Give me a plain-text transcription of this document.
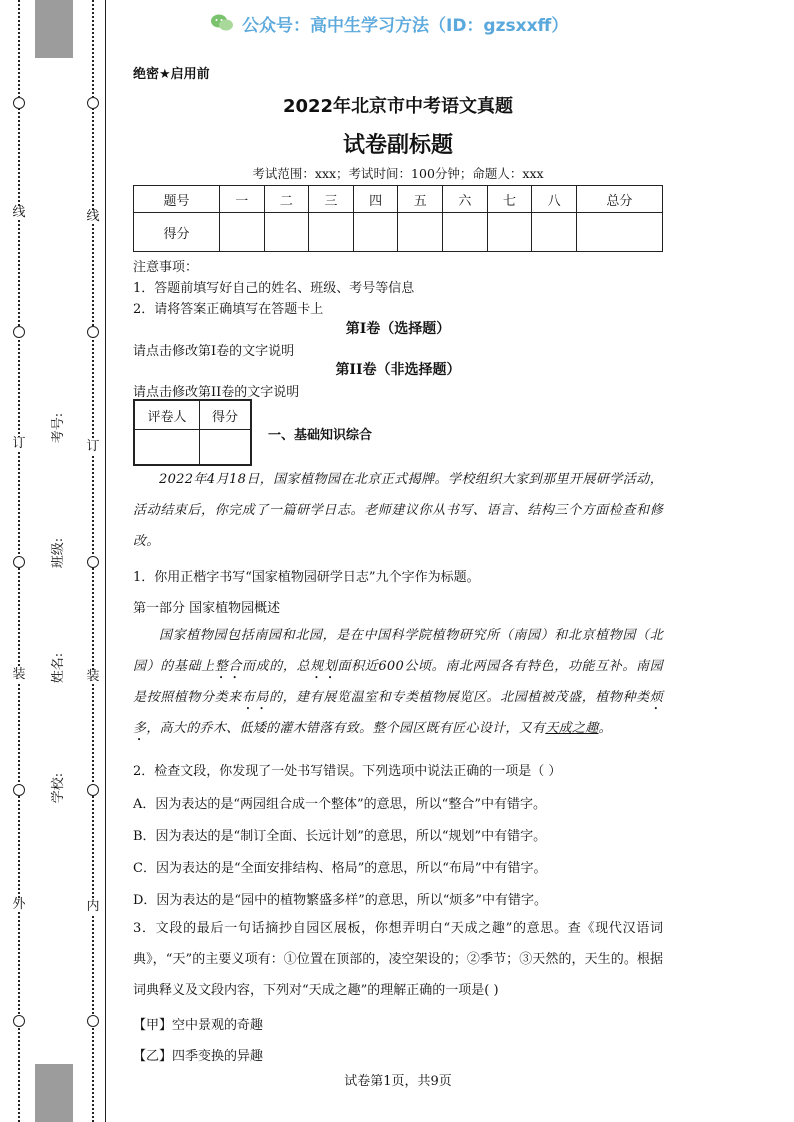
线
订
装
外
线
订
装
内
考号:
班级:
姓名:
学校:
公众号：高中生学习方法（ID：gzsxxff）
绝密★启用前
2022年北京市中考语文真题
试卷副标题
考试范围：xxx；考试时间：100分钟；命题人：xxx
题号	一	二	三	四	五	六	七	八	总分
得分									
注意事项：
1．答题前填写好自己的姓名、班级、考号等信息
2．请将答案正确填写在答题卡上
第I卷（选择题）
请点击修改第I卷的文字说明
第II卷（非选择题）
请点击修改第II卷的文字说明
评卷人	得分

一、基础知识综合
2022年4月18日，国家植物园在北京正式揭牌。学校组织大家到那里开展研学活动，活动结束后，你完成了一篇研学日志。老师建议你从书写、语言、结构三个方面检查和修改。
1．你用正楷字书写“国家植物园研学日志”九个字作为标题。
第一部分 国家植物园概述
国家植物园包括南园和北园，是在中国科学院植物研究所（南园）和北京植物园（北园）的基础上整合而成的，总规划面积近600公顷。南北两园各有特色，功能互补。南园是按照植物分类来布局的，建有展览温室和专类植物展览区。北园植被茂盛，植物种类烦多，高大的乔木、低矮的灌木错落有致。整个园区既有匠心设计，又有天成之趣。
2．检查文段，你发现了一处书写错误。下列选项中说法正确的一项是（ ）
A．因为表达的是“两园组合成一个整体”的意思，所以“整合”中有错字。
B．因为表达的是“制订全面、长远计划”的意思，所以“规划”中有错字。
C．因为表达的是“全面安排结构、格局”的意思，所以“布局”中有错字。
D．因为表达的是“园中的植物繁盛多样”的意思，所以“烦多”中有错字。
3．文段的最后一句话摘抄自园区展板，你想弄明白“天成之趣”的意思。查《现代汉语词典》，“天”的主要义项有：①位置在顶部的，凌空架设的；②季节；③天然的，天生的。根据词典释义及文段内容，下列对“天成之趣”的理解正确的一项是( )
【甲】空中景观的奇趣
【乙】四季变换的异趣
试卷第1页，共9页
